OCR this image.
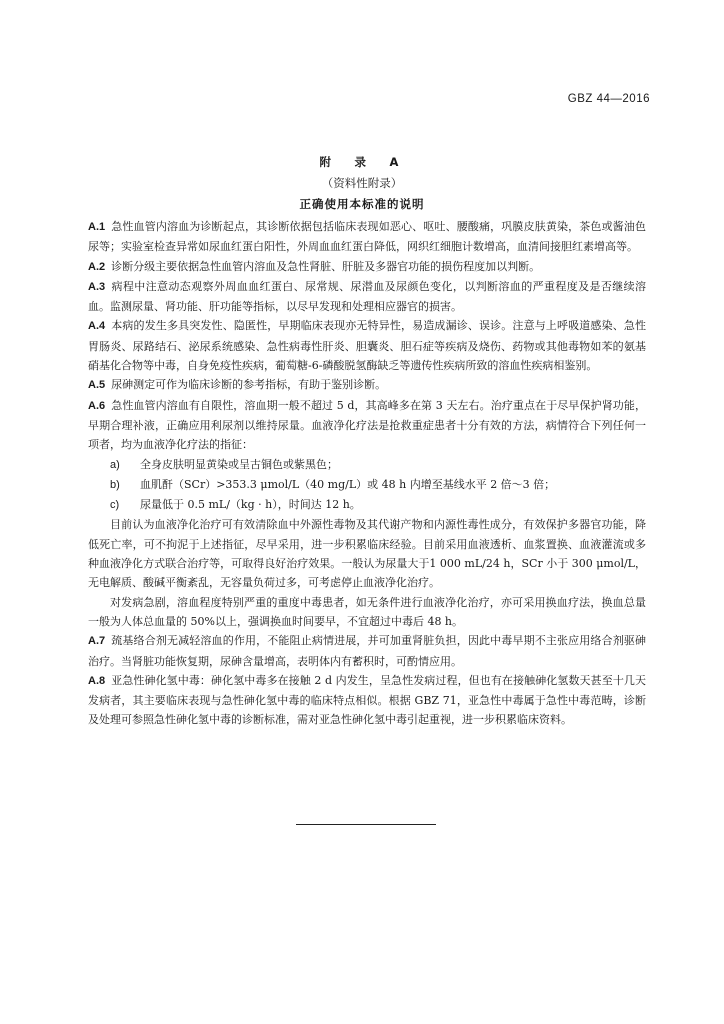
GBZ 44—2016
附　录　A
（资料性附录）
正确使用本标准的说明

A.1 急性血管内溶血为诊断起点，其诊断依据包括临床表现如恶心、呕吐、腰酸痛，巩膜皮肤黄染，茶色或酱油色尿等；实验室检查异常如尿血红蛋白阳性，外周血血红蛋白降低，网织红细胞计数增高，血清间接胆红素增高等。

A.2 诊断分级主要依据急性血管内溶血及急性肾脏、肝脏及多器官功能的损伤程度加以判断。

A.3 病程中注意动态观察外周血血红蛋白、尿常规、尿潜血及尿颜色变化，以判断溶血的严重程度及是否继续溶血。监测尿量、肾功能、肝功能等指标，以尽早发现和处理相应器官的损害。

A.4 本病的发生多具突发性、隐匿性，早期临床表现亦无特异性，易造成漏诊、误诊。注意与上呼吸道感染、急性胃肠炎、尿路结石、泌尿系统感染、急性病毒性肝炎、胆囊炎、胆石症等疾病及烧伤、药物或其他毒物如苯的氨基硝基化合物等中毒，自身免疫性疾病，葡萄糖-6-磷酸脱氢酶缺乏等遗传性疾病所致的溶血性疾病相鉴别。

A.5 尿砷测定可作为临床诊断的参考指标，有助于鉴别诊断。

A.6 急性血管内溶血有自限性，溶血期一般不超过 5 d，其高峰多在第 3 天左右。治疗重点在于尽早保护肾功能，早期合理补液，正确应用利尿剂以维持尿量。血液净化疗法是抢救重症患者十分有效的方法，病情符合下列任何一项者，均为血液净化疗法的指征：

a) 全身皮肤明显黄染或呈古铜色或紫黑色；

b) 血肌酐（SCr）>353.3 μmol/L（40 mg/L）或 48 h 内增至基线水平 2 倍～3 倍；

c) 尿量低于 0.5 mL/（kg · h），时间达 12 h。

目前认为血液净化治疗可有效清除血中外源性毒物及其代谢产物和内源性毒性成分，有效保护多器官功能，降低死亡率，可不拘泥于上述指征，尽早采用，进一步积累临床经验。目前采用血液透析、血浆置换、血液灌流或多种血液净化方式联合治疗等，可取得良好治疗效果。一般认为尿量大于1 000 mL/24 h，SCr 小于 300 μmol/L，无电解质、酸碱平衡紊乱，无容量负荷过多，可考虑停止血液净化治疗。

对发病急剧，溶血程度特别严重的重度中毒患者，如无条件进行血液净化治疗，亦可采用换血疗法，换血总量一般为人体总血量的 50%以上，强调换血时间要早，不宜超过中毒后 48 h。

A.7 巯基络合剂无减轻溶血的作用，不能阻止病情进展，并可加重肾脏负担，因此中毒早期不主张应用络合剂驱砷治疗。当肾脏功能恢复期，尿砷含量增高，表明体内有蓄积时，可酌情应用。

A.8 亚急性砷化氢中毒：砷化氢中毒多在接触 2 d 内发生，呈急性发病过程，但也有在接触砷化氢数天甚至十几天发病者，其主要临床表现与急性砷化氢中毒的临床特点相似。根据 GBZ 71，亚急性中毒属于急性中毒范畴，诊断及处理可参照急性砷化氢中毒的诊断标准，需对亚急性砷化氢中毒引起重视，进一步积累临床资料。
